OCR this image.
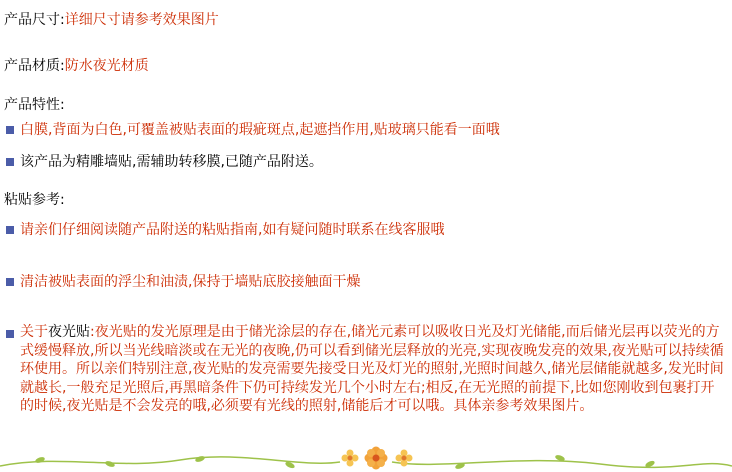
产品尺寸:详细尺寸请参考效果图片
产品材质:防水夜光材质
产品特性:
白膜,背面为白色,可覆盖被贴表面的瑕疵斑点,起遮挡作用,贴玻璃只能看一面哦
该产品为精雕墙贴,需辅助转移膜,已随产品附送。
粘贴参考:
请亲们仔细阅读随产品附送的粘贴指南,如有疑问随时联系在线客服哦
清洁被贴表面的浮尘和油渍,保持于墙贴底胶接触面干燥
关于夜光贴:夜光贴的发光原理是由于储光涂层的存在,储光元素可以吸收日光及灯光储能,而后储光层再以荧光的方式缓慢释放,所以当光线暗淡或在无光的夜晚,仍可以看到储光层释放的光亮,实现夜晚发亮的效果,夜光贴可以持续循环使用。所以亲们特别注意,夜光贴的发亮需要先接受日光及灯光的照射,光照时间越久,储光层储能就越多,发光时间就越长,一般充足光照后,再黑暗条件下仍可持续发光几个小时左右;相反,在无光照的前提下,比如您刚收到包裹打开的时候,夜光贴是不会发亮的哦,必须要有光线的照射,储能后才可以哦。具体亲参考效果图片。
